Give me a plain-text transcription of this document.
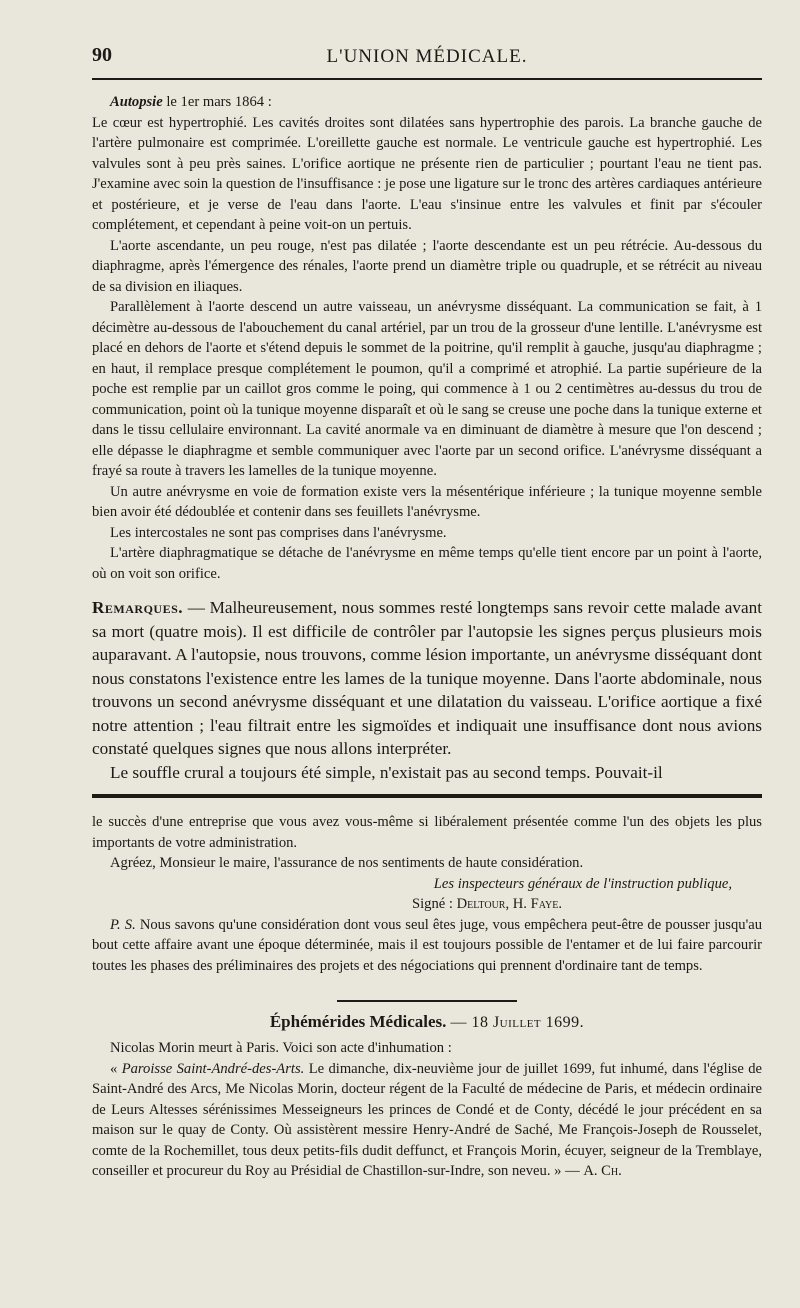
90	L'UNION MÉDICALE.

Autopsie le 1er mars 1864 :

Le cœur est hypertrophié. Les cavités droites sont dilatées sans hypertrophie des parois. La branche gauche de l'artère pulmonaire est comprimée. L'oreillette gauche est normale. Le ventricule gauche est hypertrophié. Les valvules sont à peu près saines. L'orifice aortique ne présente rien de particulier ; pourtant l'eau ne tient pas. J'examine avec soin la question de l'insuffisance : je pose une ligature sur le tronc des artères cardiaques antérieure et postérieure, et je verse de l'eau dans l'aorte. L'eau s'insinue entre les valvules et finit par s'écouler complétement, et cependant à peine voit-on un pertuis.

L'aorte ascendante, un peu rouge, n'est pas dilatée ; l'aorte descendante est un peu rétrécie. Au-dessous du diaphragme, après l'émergence des rénales, l'aorte prend un diamètre triple ou quadruple, et se rétrécit au niveau de sa division en iliaques.

Parallèlement à l'aorte descend un autre vaisseau, un anévrysme disséquant. La communication se fait, à 1 décimètre au-dessous de l'abouchement du canal artériel, par un trou de la grosseur d'une lentille. L'anévrysme est placé en dehors de l'aorte et s'étend depuis le sommet de la poitrine, qu'il remplit à gauche, jusqu'au diaphragme ; en haut, il remplace presque complétement le poumon, qu'il a comprimé et atrophié. La partie supérieure de la poche est remplie par un caillot gros comme le poing, qui commence à 1 ou 2 centimètres au-dessus du trou de communication, point où la tunique moyenne disparaît et où le sang se creuse une poche dans la tunique externe et dans le tissu cellulaire environnant. La cavité anormale va en diminuant de diamètre à mesure que l'on descend ; elle dépasse le diaphragme et semble communiquer avec l'aorte par un second orifice. L'anévrysme disséquant a frayé sa route à travers les lamelles de la tunique moyenne.

Un autre anévrysme en voie de formation existe vers la mésentérique inférieure ; la tunique moyenne semble bien avoir été dédoublée et contenir dans ses feuillets l'anévrysme.

Les intercostales ne sont pas comprises dans l'anévrysme.

L'artère diaphragmatique se détache de l'anévrysme en même temps qu'elle tient encore par un point à l'aorte, où on voit son orifice.

Remarques. — Malheureusement, nous sommes resté longtemps sans revoir cette malade avant sa mort (quatre mois). Il est difficile de contrôler par l'autopsie les signes perçus plusieurs mois auparavant. A l'autopsie, nous trouvons, comme lésion importante, un anévrysme disséquant dont nous constatons l'existence entre les lames de la tunique moyenne. Dans l'aorte abdominale, nous trouvons un second anévrysme disséquant et une dilatation du vaisseau. L'orifice aortique a fixé notre attention ; l'eau filtrait entre les sigmoïdes et indiquait une insuffisance dont nous avions constaté quelques signes que nous allons interpréter.

Le souffle crural a toujours été simple, n'existait pas au second temps. Pouvait-il

le succès d'une entreprise que vous avez vous-même si libéralement présentée comme l'un des objets les plus importants de votre administration.

Agréez, Monsieur le maire, l'assurance de nos sentiments de haute considération.

Les inspecteurs généraux de l'instruction publique,

Signé : Deltour, H. Faye.

P. S. Nous savons qu'une considération dont vous seul êtes juge, vous empêchera peut-être de pousser jusqu'au bout cette affaire avant une époque déterminée, mais il est toujours possible de l'entamer et de lui faire parcourir toutes les phases des préliminaires des projets et des négociations qui prennent d'ordinaire tant de temps.

Éphémérides Médicales. — 18 Juillet 1699.

Nicolas Morin meurt à Paris. Voici son acte d'inhumation :

« Paroisse Saint-André-des-Arts. Le dimanche, dix-neuvième jour de juillet 1699, fut inhumé, dans l'église de Saint-André des Arcs, Me Nicolas Morin, docteur régent de la Faculté de médecine de Paris, et médecin ordinaire de Leurs Altesses sérénissimes Messeigneurs les princes de Condé et de Conty, décédé le jour précédent en sa maison sur le quay de Conty. Où assistèrent messire Henry-André de Saché, Me François-Joseph de Rousselet, comte de la Rochemillet, tous deux petits-fils dudit deffunct, et François Morin, écuyer, seigneur de la Tremblaye, conseiller et procureur du Roy au Présidial de Chastillon-sur-Indre, son neveu. » — A. Ch.
